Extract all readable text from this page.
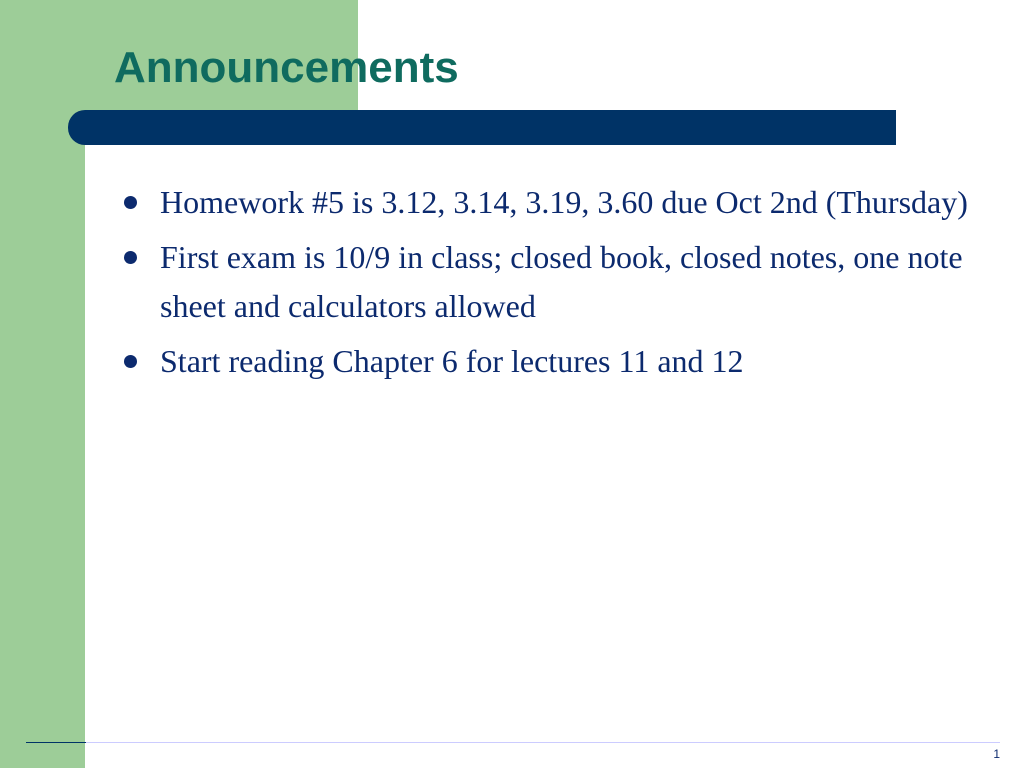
Announcements
Homework #5 is 3.12, 3.14, 3.19, 3.60 due Oct 2nd (Thursday)
First exam is 10/9 in class; closed book, closed notes, one note sheet and calculators allowed
Start reading Chapter 6 for lectures 11 and 12
1
